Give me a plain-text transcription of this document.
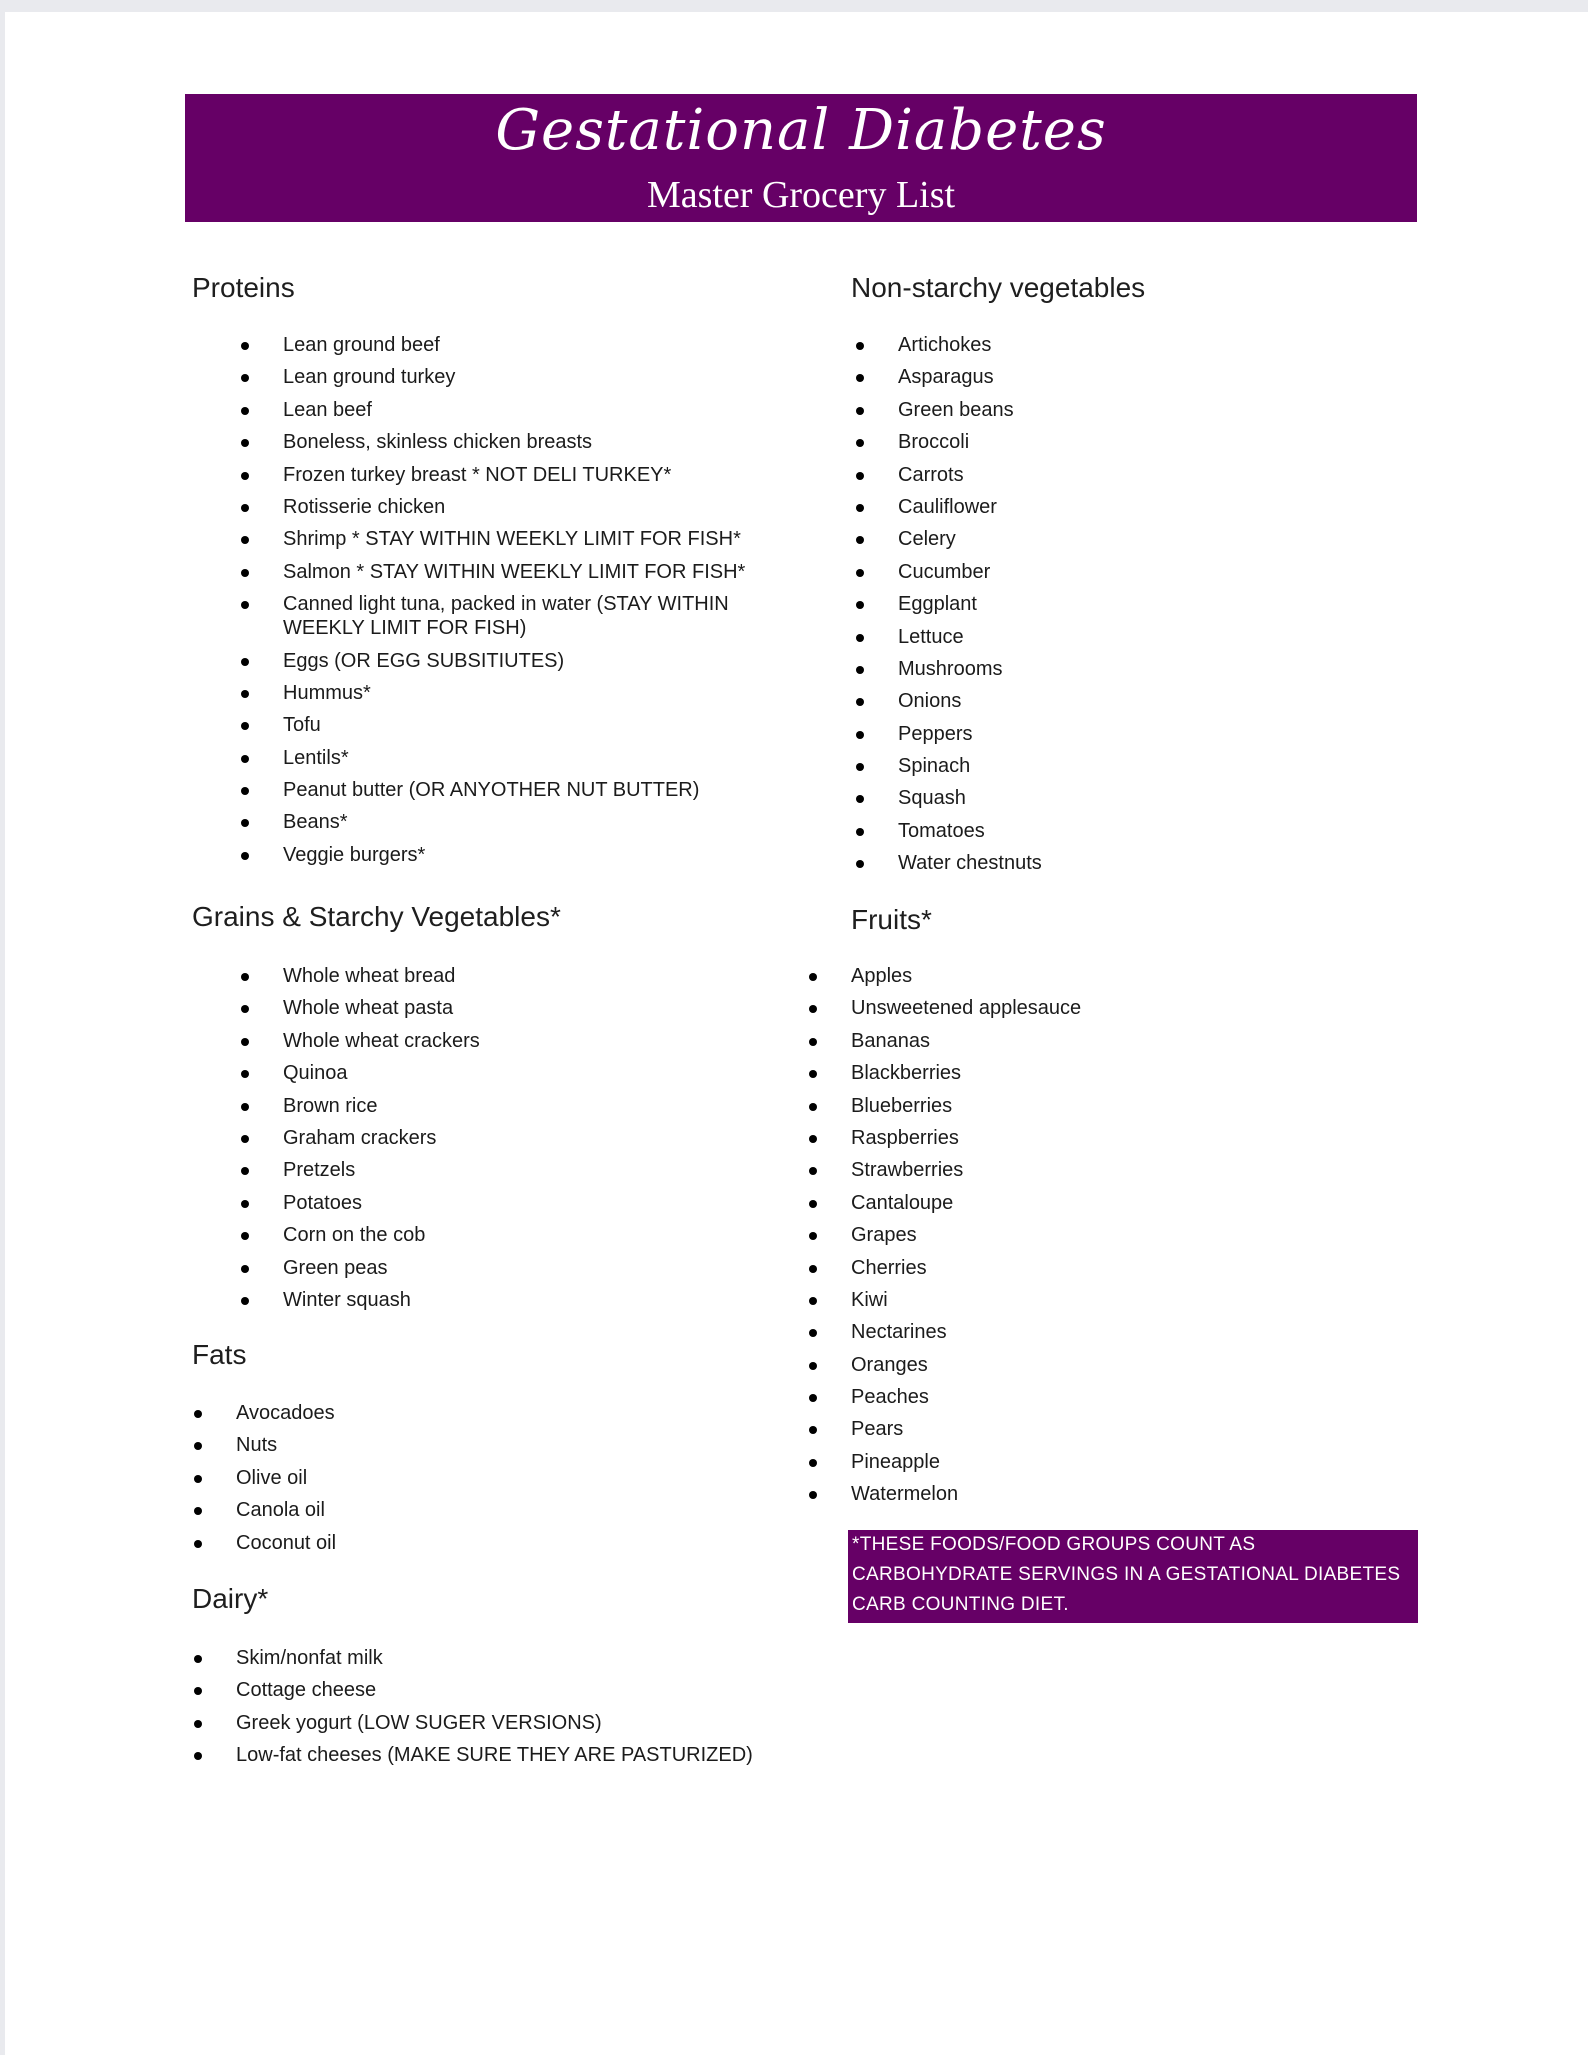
Gestational Diabetes
Master Grocery List
Proteins
Lean ground beef
Lean ground turkey
Lean beef
Boneless, skinless chicken breasts
Frozen turkey breast * NOT DELI TURKEY*
Rotisserie chicken
Shrimp * STAY WITHIN WEEKLY LIMIT FOR FISH*
Salmon * STAY WITHIN WEEKLY LIMIT FOR FISH*
Canned light tuna, packed in water (STAY WITHIN WEEKLY LIMIT FOR FISH)
Eggs (OR EGG SUBSITIUTES)
Hummus*
Tofu
Lentils*
Peanut butter (OR ANYOTHER NUT BUTTER)
Beans*
Veggie burgers*
Grains & Starchy Vegetables*
Whole wheat bread
Whole wheat pasta
Whole wheat crackers
Quinoa
Brown rice
Graham crackers
Pretzels
Potatoes
Corn on the cob
Green peas
Winter squash
Fats
Avocadoes
Nuts
Olive oil
Canola oil
Coconut oil
Dairy*
Skim/nonfat milk
Cottage cheese
Greek yogurt (LOW SUGER VERSIONS)
Low-fat cheeses (MAKE SURE THEY ARE PASTURIZED)
Non-starchy vegetables
Artichokes
Asparagus
Green beans
Broccoli
Carrots
Cauliflower
Celery
Cucumber
Eggplant
Lettuce
Mushrooms
Onions
Peppers
Spinach
Squash
Tomatoes
Water chestnuts
Fruits*
Apples
Unsweetened applesauce
Bananas
Blackberries
Blueberries
Raspberries
Strawberries
Cantaloupe
Grapes
Cherries
Kiwi
Nectarines
Oranges
Peaches
Pears
Pineapple
Watermelon
*THESE FOODS/FOOD GROUPS COUNT AS CARBOHYDRATE SERVINGS IN A GESTATIONAL DIABETES CARB COUNTING DIET.
